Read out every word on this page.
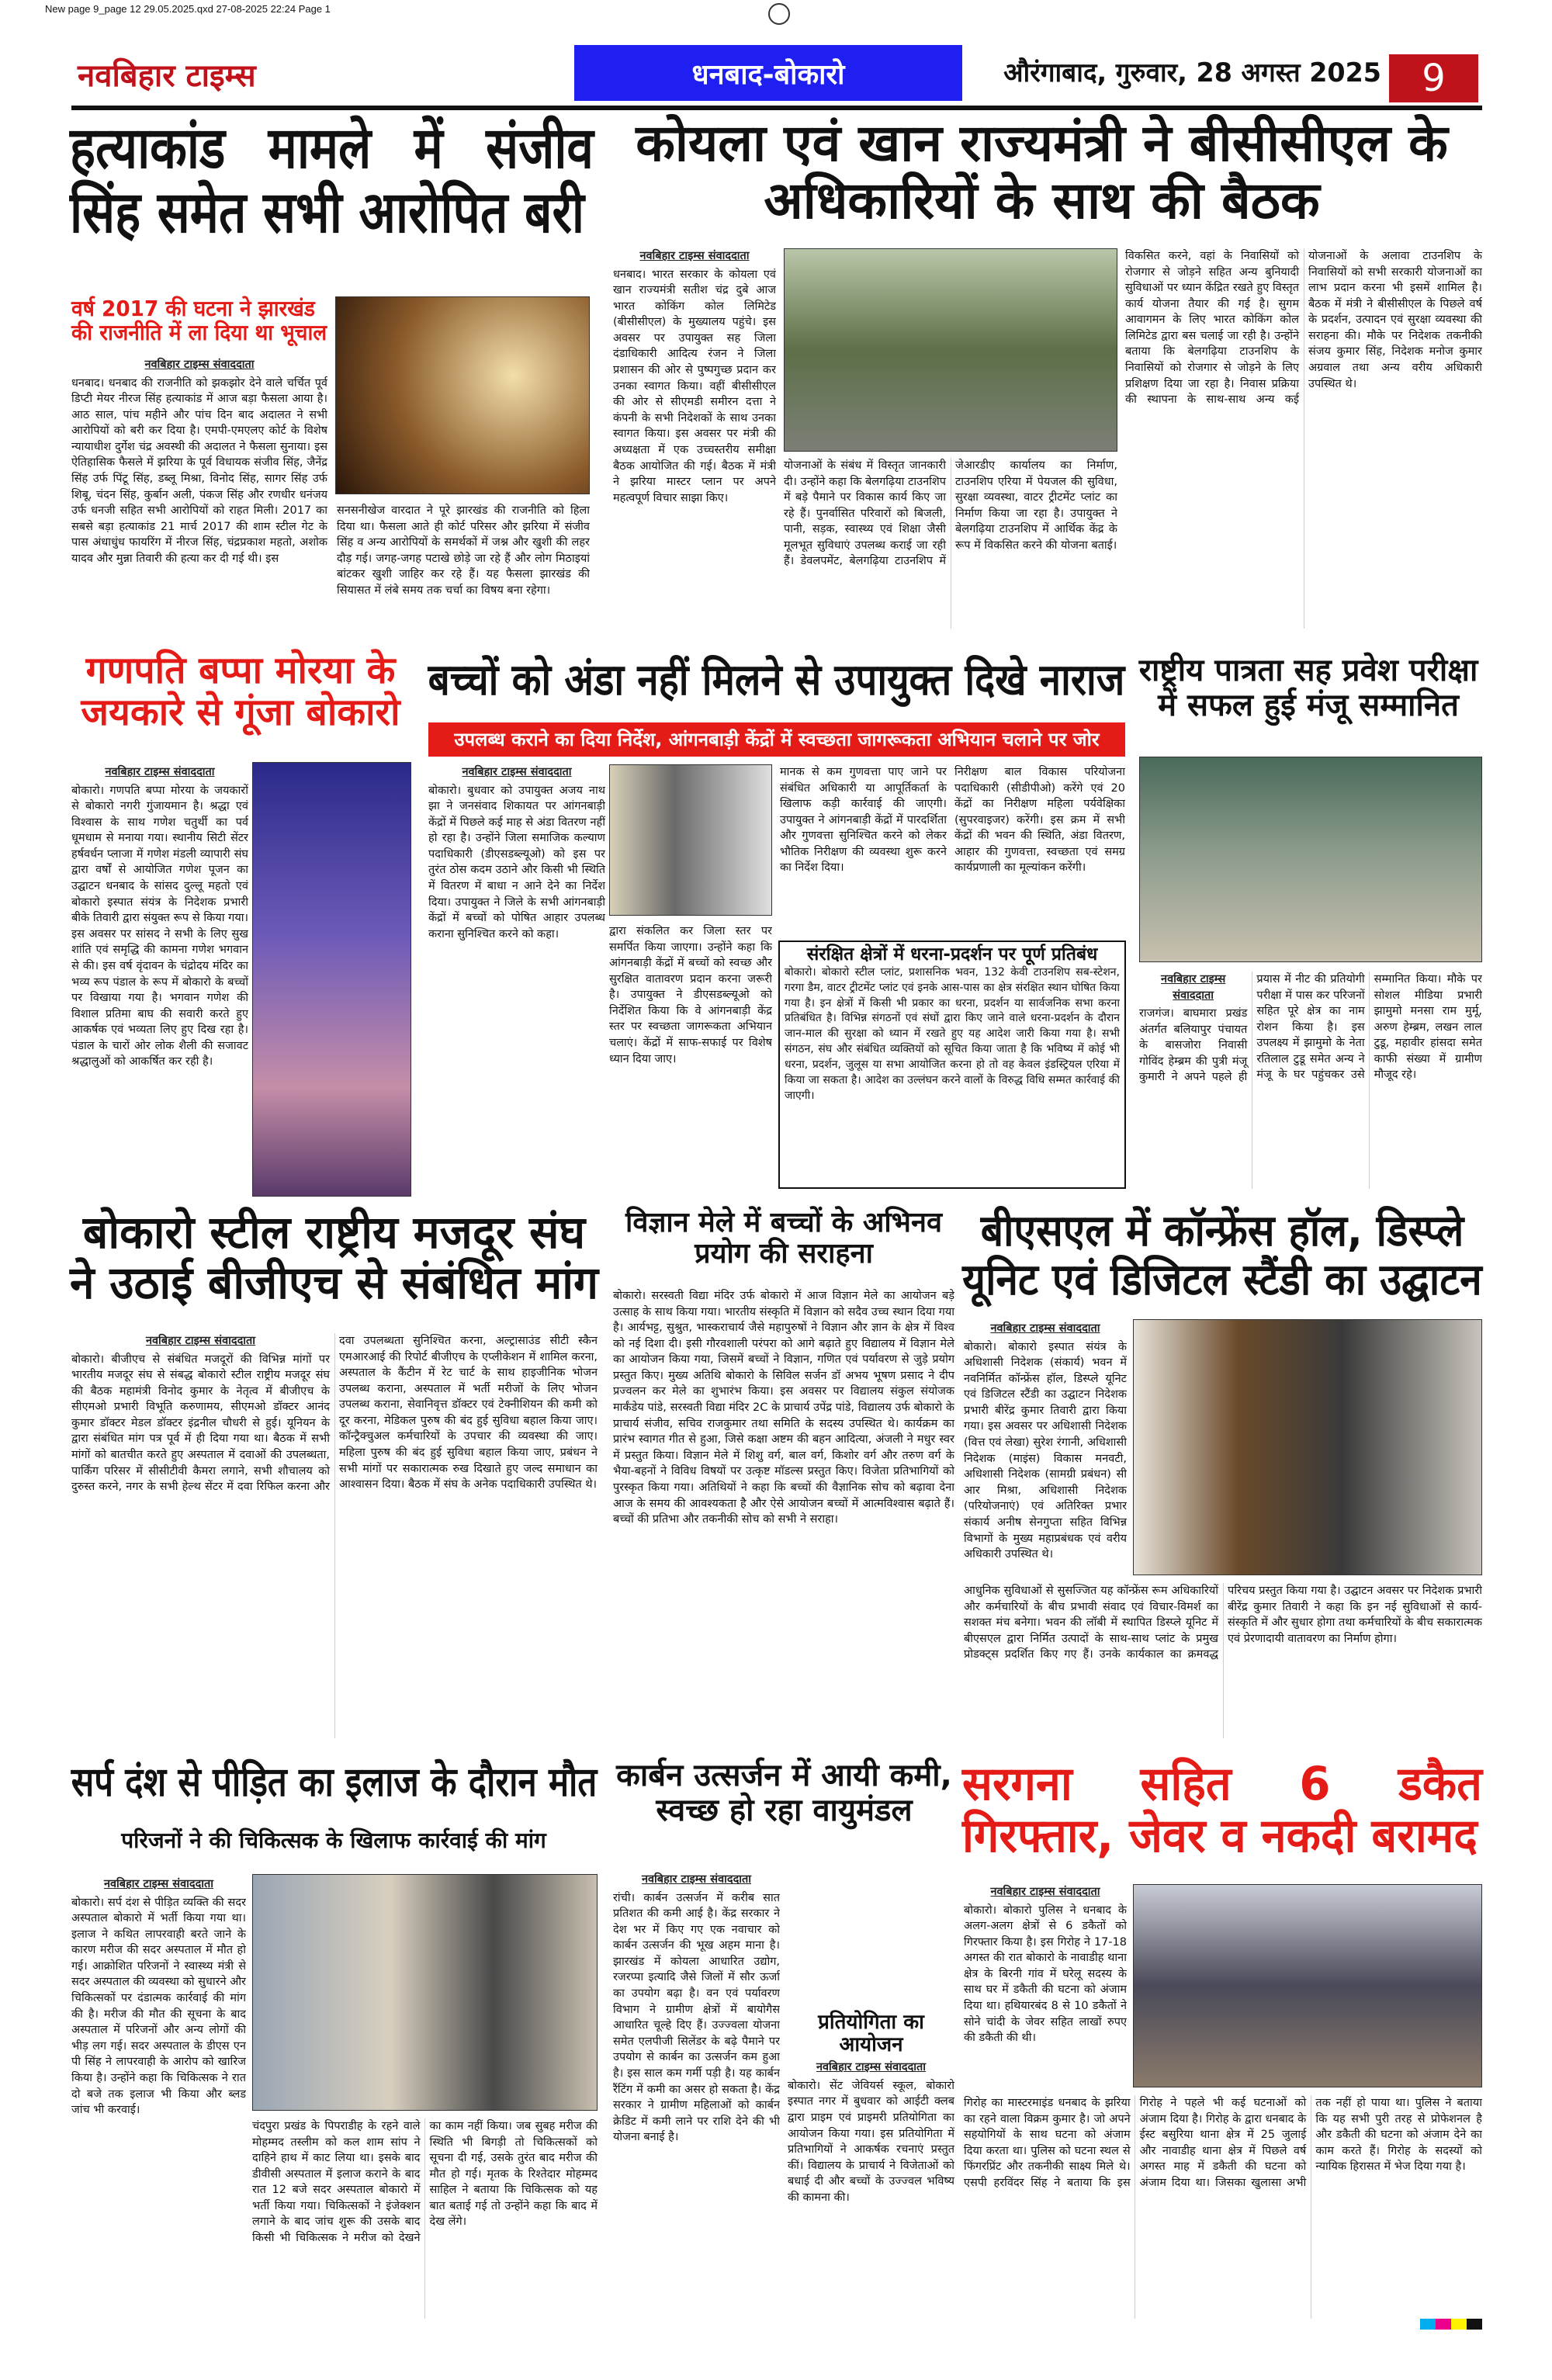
New page 9_page 12 29.05.2025.qxd 27-08-2025 22:24 Page 1
नवबिहार टाइम्स	धनबाद-बोकारो	औरंगाबाद, गुरुवार, 28 अगस्त 2025	9
हत्याकांड मामले में संजीव सिंह समेत सभी आरोपित बरी
वर्ष 2017 की घटना ने झारखंड की राजनीति में ला दिया था भूचाल
नवबिहार टाइम्स संवाददाता
धनबाद। धनबाद की राजनीति को झकझोर देने वाले चर्चित पूर्व डिप्टी मेयर नीरज सिंह हत्याकांड में आज बड़ा फैसला आया है। आठ साल, पांच महीने और पांच दिन बाद अदालत ने सभी आरोपियों को बरी कर दिया है। एमपी-एमएलए कोर्ट के विशेष न्यायाधीश दुर्गेश चंद्र अवस्थी की अदालत ने फैसला सुनाया। इस ऐतिहासिक फैसले में झरिया के पूर्व विधायक संजीव सिंह, जैनेंद्र सिंह उर्फ पिंटू सिंह, डब्लू मिश्रा, विनोद सिंह, सागर सिंह उर्फ शिबू, चंदन सिंह, कुर्बान अली, पंकज सिंह और रणधीर धनंजय उर्फ धनजी सहित सभी आरोपियों को राहत मिली। 2017 का सबसे बड़ा हत्याकांड 21 मार्च 2017 की शाम स्टील गेट के पास अंधाधुंध फायरिंग में नीरज सिंह, चंद्रप्रकाश महतो, अशोक यादव और मुन्ना तिवारी की हत्या कर दी गई थी। इस
सनसनीखेज वारदात ने पूरे झारखंड की राजनीति को हिला दिया था। फैसला आते ही कोर्ट परिसर और झरिया में संजीव सिंह व अन्य आरोपियों के समर्थकों में जश्न और खुशी की लहर दौड़ गई। जगह-जगह पटाखे छोड़े जा रहे हैं और लोग मिठाइयां बांटकर खुशी जाहिर कर रहे हैं। यह फैसला झारखंड की सियासत में लंबे समय तक चर्चा का विषय बना रहेगा।
कोयला एवं खान राज्यमंत्री ने बीसीसीएल के अधिकारियों के साथ की बैठक
नवबिहार टाइम्स संवाददाता
धनबाद। भारत सरकार के कोयला एवं खान राज्यमंत्री सतीश चंद्र दुबे आज भारत कोकिंग कोल लिमिटेड (बीसीसीएल) के मुख्यालय पहुंचे। इस अवसर पर उपायुक्त सह जिला दंडाधिकारी आदित्य रंजन ने जिला प्रशासन की ओर से पुष्पगुच्छ प्रदान कर उनका स्वागत किया। वहीं बीसीसीएल की ओर से सीएमडी समीरन दत्ता ने कंपनी के सभी निदेशकों के साथ उनका स्वागत किया। इस अवसर पर मंत्री की अध्यक्षता में एक उच्चस्तरीय समीक्षा बैठक आयोजित की गई। बैठक में मंत्री ने झरिया मास्टर प्लान पर अपने महत्वपूर्ण विचार साझा किए।
योजनाओं के संबंध में विस्तृत जानकारी दी। उन्होंने कहा कि बेलगढ़िया टाउनशिप में बड़े पैमाने पर विकास कार्य किए जा रहे हैं। पुनर्वासित परिवारों को बिजली, पानी, सड़क, स्वास्थ्य एवं शिक्षा जैसी मूलभूत सुविधाएं उपलब्ध कराई जा रही हैं। डेवलपमेंट, बेलगढ़िया टाउनशिप में जेआरडीए कार्यालय का निर्माण, टाउनशिप एरिया में पेयजल की सुविधा, सुरक्षा व्यवस्था, वाटर ट्रीटमेंट प्लांट का निर्माण किया जा रहा है। उपायुक्त ने बेलगढ़िया टाउनशिप में आर्थिक केंद्र के रूप में विकसित करने की योजना बताई।
विकसित करने, वहां के निवासियों को रोजगार से जोड़ने सहित अन्य बुनियादी सुविधाओं पर ध्यान केंद्रित रखते हुए विस्तृत कार्य योजना तैयार की गई है। सुगम आवागमन के लिए भारत कोकिंग कोल लिमिटेड द्वारा बस चलाई जा रही है। उन्होंने बताया कि बेलगढ़िया टाउनशिप के निवासियों को रोजगार से जोड़ने के लिए प्रशिक्षण दिया जा रहा है। निवास प्रक्रिया की स्थापना के साथ-साथ अन्य कई योजनाओं के अलावा टाउनशिप के निवासियों को सभी सरकारी योजनाओं का लाभ प्रदान करना भी इसमें शामिल है। बैठक में मंत्री ने बीसीसीएल के पिछले वर्ष के प्रदर्शन, उत्पादन एवं सुरक्षा व्यवस्था की सराहना की। मौके पर निदेशक तकनीकी संजय कुमार सिंह, निदेशक मनोज कुमार अग्रवाल तथा अन्य वरीय अधिकारी उपस्थित थे।
गणपति बप्पा मोरया के जयकारे से गूंजा बोकारो
नवबिहार टाइम्स संवाददाता
बोकारो। गणपति बप्पा मोरया के जयकारों से बोकारो नगरी गुंजायमान है। श्रद्धा एवं विश्वास के साथ गणेश चतुर्थी का पर्व धूमधाम से मनाया गया। स्थानीय सिटी सेंटर हर्षवर्धन प्लाजा में गणेश मंडली व्यापारी संघ द्वारा वर्षों से आयोजित गणेश पूजन का उद्घाटन धनबाद के सांसद दुल्लू महतो एवं बोकारो इस्पात संयंत्र के निदेशक प्रभारी बीके तिवारी द्वारा संयुक्त रूप से किया गया। इस अवसर पर सांसद ने सभी के लिए सुख शांति एवं समृद्धि की कामना गणेश भगवान से की। इस वर्ष वृंदावन के चंद्रोदय मंदिर का भव्य रूप पंडाल के रूप में बोकारो के बच्चों पर विखाया गया है। भगवान गणेश की विशाल प्रतिमा बाघ की सवारी करते हुए आकर्षक एवं भव्यता लिए हुए दिख रहा है। पंडाल के चारों ओर लोक शैली की सजावट श्रद्धालुओं को आकर्षित कर रही है।
बच्चों को अंडा नहीं मिलने से उपायुक्त दिखे नाराज
उपलब्ध कराने का दिया निर्देश, आंगनबाड़ी केंद्रों में स्वच्छता जागरूकता अभियान चलाने पर जोर
नवबिहार टाइम्स संवाददाता
बोकारो। बुधवार को उपायुक्त अजय नाथ झा ने जनसंवाद शिकायत पर आंगनबाड़ी केंद्रों में पिछले कई माह से अंडा वितरण नहीं हो रहा है। उन्होंने जिला समाजिक कल्याण पदाधिकारी (डीएसडब्ल्यूओ) को इस पर तुरंत ठोस कदम उठाने और किसी भी स्थिति में वितरण में बाधा न आने देने का निर्देश दिया। उपायुक्त ने जिले के सभी आंगनबाड़ी केंद्रों में बच्चों को पोषित आहार उपलब्ध कराना सुनिश्चित करने को कहा।	द्वारा संकलित कर जिला स्तर पर समर्पित किया जाएगा। उन्होंने कहा कि आंगनबाड़ी केंद्रों में बच्चों को स्वच्छ और सुरक्षित वातावरण प्रदान करना जरूरी है। उपायुक्त ने डीएसडब्ल्यूओ को निर्देशित किया कि वे आंगनबाड़ी केंद्र स्तर पर स्वच्छता जागरूकता अभियान चलाएं। केंद्रों में साफ-सफाई पर विशेष ध्यान दिया जाए।
मानक से कम गुणवत्ता पाए जाने पर संबंधित अधिकारी या आपूर्तिकर्ता के खिलाफ कड़ी कार्रवाई की जाएगी। उपायुक्त ने आंगनबाड़ी केंद्रों में पारदर्शिता और गुणवत्ता सुनिश्चित करने को लेकर भौतिक निरीक्षण की व्यवस्था शुरू करने का निर्देश दिया।
निरीक्षण बाल विकास परियोजना पदाधिकारी (सीडीपीओ) करेंगे एवं 20 केंद्रों का निरीक्षण महिला पर्यवेक्षिका (सुपरवाइजर) करेंगी। इस क्रम में सभी केंद्रों की भवन की स्थिति, अंडा वितरण, आहार की गुणवत्ता, स्वच्छता एवं समग्र कार्यप्रणाली का मूल्यांकन करेंगी।
संरक्षित क्षेत्रों में धरना-प्रदर्शन पर पूर्ण प्रतिबंध
बोकारो। बोकारो स्टील प्लांट, प्रशासनिक भवन, 132 केवी टाउनशिप सब-स्टेशन, गरगा डैम, वाटर ट्रीटमेंट प्लांट एवं इनके आस-पास का क्षेत्र संरक्षित स्थान घोषित किया गया है। इन क्षेत्रों में किसी भी प्रकार का धरना, प्रदर्शन या सार्वजनिक सभा करना प्रतिबंधित है। विभिन्न संगठनों एवं संघों द्वारा किए जाने वाले धरना-प्रदर्शन के दौरान जान-माल की सुरक्षा को ध्यान में रखते हुए यह आदेश जारी किया गया है। सभी संगठन, संघ और संबंधित व्यक्तियों को सूचित किया जाता है कि भविष्य में कोई भी धरना, प्रदर्शन, जुलूस या सभा आयोजित करना हो तो वह केवल इंडस्ट्रियल एरिया में किया जा सकता है। आदेश का उल्लंघन करने वालों के विरुद्ध विधि सम्मत कार्रवाई की जाएगी।
राष्ट्रीय पात्रता सह प्रवेश परीक्षा में सफल हुई मंजू सम्मानित
नवबिहार टाइम्स संवाददाता
राजगंज। बाघमारा प्रखंड अंतर्गत बलियापुर पंचायत के बासजोरा निवासी गोविंद हेम्ब्रम की पुत्री मंजू कुमारी ने अपने पहले ही प्रयास में नीट की प्रतियोगी परीक्षा में पास कर परिजनों सहित पूरे क्षेत्र का नाम रोशन किया है। इस उपलक्ष्य में झामुमो के नेता रतिलाल टुडू समेत अन्य ने मंजू के घर पहुंचकर उसे सम्मानित किया। मौके पर सोशल मीडिया प्रभारी झामुमो मनसा राम मुर्मू, अरुण हेम्ब्रम, लखन लाल टुडू, महावीर हांसदा समेत काफी संख्या में ग्रामीण मौजूद रहे।
बोकारो स्टील राष्ट्रीय मजदूर संघ ने उठाई बीजीएच से संबंधित मांग
नवबिहार टाइम्स संवाददाता
बोकारो। बीजीएच से संबंधित मजदूरों की विभिन्न मांगों पर भारतीय मजदूर संघ से संबद्ध बोकारो स्टील राष्ट्रीय मजदूर संघ की बैठक महामंत्री विनोद कुमार के नेतृत्व में बीजीएच के सीएमओ प्रभारी विभूति करुणामय, सीएमओ डॉक्टर आनंद कुमार डॉक्टर मेडल डॉक्टर इंद्रनील चौधरी से हुई। यूनियन के द्वारा संबंधित मांग पत्र पूर्व में ही दिया गया था। बैठक में सभी मांगों को बातचीत करते हुए अस्पताल में दवाओं की उपलब्धता, पार्किंग परिसर में सीसीटीवी कैमरा लगाने, सभी शौचालय को दुरुस्त करने, नगर के सभी हेल्थ सेंटर में दवा रिफिल करना और दवा उपलब्धता सुनिश्चित करना, अल्ट्रासाउंड सीटी स्कैन एमआरआई की रिपोर्ट बीजीएच के एप्लीकेशन में शामिल करना, अस्पताल के कैंटीन में रेट चार्ट के साथ हाइजीनिक भोजन उपलब्ध कराना, अस्पताल में भर्ती मरीजों के लिए भोजन उपलब्ध कराना, सेवानिवृत्त डॉक्टर एवं टेक्नीशियन की कमी को दूर करना, मेडिकल पुरुष की बंद हुई सुविधा बहाल किया जाए। कॉन्ट्रैक्चुअल कर्मचारियों के उपचार की व्यवस्था की जाए। महिला पुरुष की बंद हुई सुविधा बहाल किया जाए, प्रबंधन ने सभी मांगों पर सकारात्मक रुख दिखाते हुए जल्द समाधान का आश्वासन दिया। बैठक में संघ के अनेक पदाधिकारी उपस्थित थे।
विज्ञान मेले में बच्चों के अभिनव प्रयोग की सराहना
बोकारो। सरस्वती विद्या मंदिर उर्फ बोकारो में आज विज्ञान मेले का आयोजन बड़े उत्साह के साथ किया गया। भारतीय संस्कृति में विज्ञान को सदैव उच्च स्थान दिया गया है। आर्यभट्ट, सुश्रुत, भास्कराचार्य जैसे महापुरुषों ने विज्ञान और ज्ञान के क्षेत्र में विश्व को नई दिशा दी। इसी गौरवशाली परंपरा को आगे बढ़ाते हुए विद्यालय में विज्ञान मेले का आयोजन किया गया, जिसमें बच्चों ने विज्ञान, गणित एवं पर्यावरण से जुड़े प्रयोग प्रस्तुत किए। मुख्य अतिथि बोकारो के सिविल सर्जन डॉ अभय भूषण प्रसाद ने दीप प्रज्वलन कर मेले का शुभारंभ किया। इस अवसर पर विद्यालय संकुल संयोजक मार्कंडेय पांडे, सरस्वती विद्या मंदिर 2C के प्राचार्य उपेंद्र पांडे, विद्यालय उर्फ बोकारो के प्राचार्य संजीव, सचिव राजकुमार तथा समिति के सदस्य उपस्थित थे। कार्यक्रम का प्रारंभ स्वागत गीत से हुआ, जिसे कक्षा अष्टम की बहन आदित्या, अंजली ने मधुर स्वर में प्रस्तुत किया। विज्ञान मेले में शिशु वर्ग, बाल वर्ग, किशोर वर्ग और तरुण वर्ग के भैया-बहनों ने विविध विषयों पर उत्कृष्ट मॉडल्स प्रस्तुत किए। विजेता प्रतिभागियों को पुरस्कृत किया गया। अतिथियों ने कहा कि बच्चों की वैज्ञानिक सोच को बढ़ावा देना आज के समय की आवश्यकता है और ऐसे आयोजन बच्चों में आत्मविश्वास बढ़ाते हैं। बच्चों की प्रतिभा और तकनीकी सोच को सभी ने सराहा।
बीएसएल में कॉन्फ्रेंस हॉल, डिस्प्ले यूनिट एवं डिजिटल स्टैंडी का उद्घाटन
नवबिहार टाइम्स संवाददाता
बोकारो। बोकारो इस्पात संयंत्र के अधिशासी निदेशक (संकार्य) भवन में नवनिर्मित कॉन्फ्रेंस हॉल, डिस्प्ले यूनिट एवं डिजिटल स्टैंडी का उद्घाटन निदेशक प्रभारी बीरेंद्र कुमार तिवारी द्वारा किया गया। इस अवसर पर अधिशासी निदेशक (वित्त एवं लेखा) सुरेश रंगानी, अधिशासी निदेशक (माइंस) विकास मनवटी, अधिशासी निदेशक (सामग्री प्रबंधन) सी आर मिश्रा, अधिशासी निदेशक (परियोजनाएं) एवं अतिरिक्त प्रभार संकार्य अनीष सेनगुप्ता सहित विभिन्न विभागों के मुख्य महाप्रबंधक एवं वरीय अधिकारी उपस्थित थे।
आधुनिक सुविधाओं से सुसज्जित यह कॉन्फ्रेंस रूम अधिकारियों और कर्मचारियों के बीच प्रभावी संवाद एवं विचार-विमर्श का सशक्त मंच बनेगा। भवन की लॉबी में स्थापित डिस्प्ले यूनिट में बीएसएल द्वारा निर्मित उत्पादों के साथ-साथ प्लांट के प्रमुख प्रोडक्ट्स प्रदर्शित किए गए हैं। उनके कार्यकाल का क्रमवद्ध परिचय प्रस्तुत किया गया है। उद्घाटन अवसर पर निदेशक प्रभारी बीरेंद्र कुमार तिवारी ने कहा कि इन नई सुविधाओं से कार्य-संस्कृति में और सुधार होगा तथा कर्मचारियों के बीच सकारात्मक एवं प्रेरणादायी वातावरण का निर्माण होगा।
सर्प दंश से पीड़ित का इलाज के दौरान मौत
परिजनों ने की चिकित्सक के खिलाफ कार्रवाई की मांग
नवबिहार टाइम्स संवाददाता
बोकारो। सर्प दंश से पीड़ित व्यक्ति की सदर अस्पताल बोकारो में भर्ती किया गया था। इलाज ने कथित लापरवाही बरते जाने के कारण मरीज की सदर अस्पताल में मौत हो गई। आक्रोशित परिजनों ने स्वास्थ्य मंत्री से सदर अस्पताल की व्यवस्था को सुधारने और चिकित्सकों पर दंडात्मक कार्रवाई की मांग की है। मरीज की मौत की सूचना के बाद अस्पताल में परिजनों और अन्य लोगों की भीड़ लग गई। सदर अस्पताल के डीएस एन पी सिंह ने लापरवाही के आरोप को खारिज किया है। उन्होंने कहा कि चिकित्सक ने रात दो बजे तक इलाज भी किया और ब्लड जांच भी करवाई।
चंदपुरा प्रखंड के पिपराडीह के रहने वाले मोहम्मद तस्लीम को कल शाम सांप ने दाहिने हाथ में काट लिया था। इसके बाद डीवीसी अस्पताल में इलाज कराने के बाद रात 12 बजे सदर अस्पताल बोकारो में भर्ती किया गया। चिकित्सकों ने इंजेक्शन लगाने के बाद जांच शुरू की उसके बाद किसी भी चिकित्सक ने मरीज को देखने का काम नहीं किया। जब सुबह मरीज की स्थिति भी बिगड़ी तो चिकित्सकों को सूचना दी गई, उसके तुरंत बाद मरीज की मौत हो गई। मृतक के रिश्तेदार मोहम्मद साहिल ने बताया कि चिकित्सक को यह बात बताई गई तो उन्होंने कहा कि बाद में देख लेंगे।
कार्बन उत्सर्जन में आयी कमी, स्वच्छ हो रहा वायुमंडल
नवबिहार टाइम्स संवाददाता
रांची। कार्बन उत्सर्जन में करीब सात प्रतिशत की कमी आई है। केंद्र सरकार ने देश भर में किए गए एक नवाचार को कार्बन उत्सर्जन की भूख अहम माना है। झारखंड में कोयला आधारित उद्योग, रजरप्पा इत्यादि जैसे जिलों में सौर ऊर्जा का उपयोग बढ़ा है। वन एवं पर्यावरण विभाग ने ग्रामीण क्षेत्रों में बायोगैस आधारित चूल्हे दिए हैं। उज्ज्वला योजना समेत एलपीजी सिलेंडर के बढ़े पैमाने पर उपयोग से कार्बन का उत्सर्जन कम हुआ है। इस साल कम गर्मी पड़ी है। यह कार्बन रैंटिंग में कमी का असर हो सकता है। केंद्र सरकार ने ग्रामीण महिलाओं को कार्बन क्रेडिट में कमी लाने पर राशि देने की भी योजना बनाई है।
प्रतियोगिता का आयोजन
नवबिहार टाइम्स संवाददाता
बोकारो। सेंट जेवियर्स स्कूल, बोकारो इस्पात नगर में बुधवार को आईटी क्लब द्वारा प्राइम एवं प्राइमरी प्रतियोगिता का आयोजन किया गया। इस प्रतियोगिता में प्रतिभागियों ने आकर्षक रचनाएं प्रस्तुत कीं। विद्यालय के प्राचार्य ने विजेताओं को बधाई दी और बच्चों के उज्ज्वल भविष्य की कामना की।
सरगना सहित 6 डकैत गिरफ्तार, जेवर व नकदी बरामद
नवबिहार टाइम्स संवाददाता
बोकारो। बोकारो पुलिस ने धनबाद के अलग-अलग क्षेत्रों से 6 डकैतों को गिरफ्तार किया है। इस गिरोह ने 17-18 अगस्त की रात बोकारो के नावाडीह थाना क्षेत्र के बिरनी गांव में घरेलू सदस्य के साथ घर में डकैती की घटना को अंजाम दिया था। हथियारबंद 8 से 10 डकैतों ने सोने चांदी के जेवर सहित लाखों रुपए की डकैती की थी।
गिरोह का मास्टरमाइंड धनबाद के झरिया का रहने वाला विक्रम कुमार है। जो अपने सहयोगियों के साथ घटना को अंजाम दिया करता था। पुलिस को घटना स्थल से फिंगरप्रिंट और तकनीकी साक्ष्य मिले थे। एसपी हरविंदर सिंह ने बताया कि इस गिरोह ने पहले भी कई घटनाओं को अंजाम दिया है। गिरोह के द्वारा धनबाद के ईस्ट बसुरिया थाना क्षेत्र में 25 जुलाई और नावाडीह थाना क्षेत्र में पिछले वर्ष अगस्त माह में डकैती की घटना को अंजाम दिया था। जिसका खुलासा अभी तक नहीं हो पाया था। पुलिस ने बताया कि यह सभी पुरी तरह से प्रोफेशनल है और डकैती की घटना को अंजाम देने का काम करते हैं। गिरोह के सदस्यों को न्यायिक हिरासत में भेज दिया गया है।
